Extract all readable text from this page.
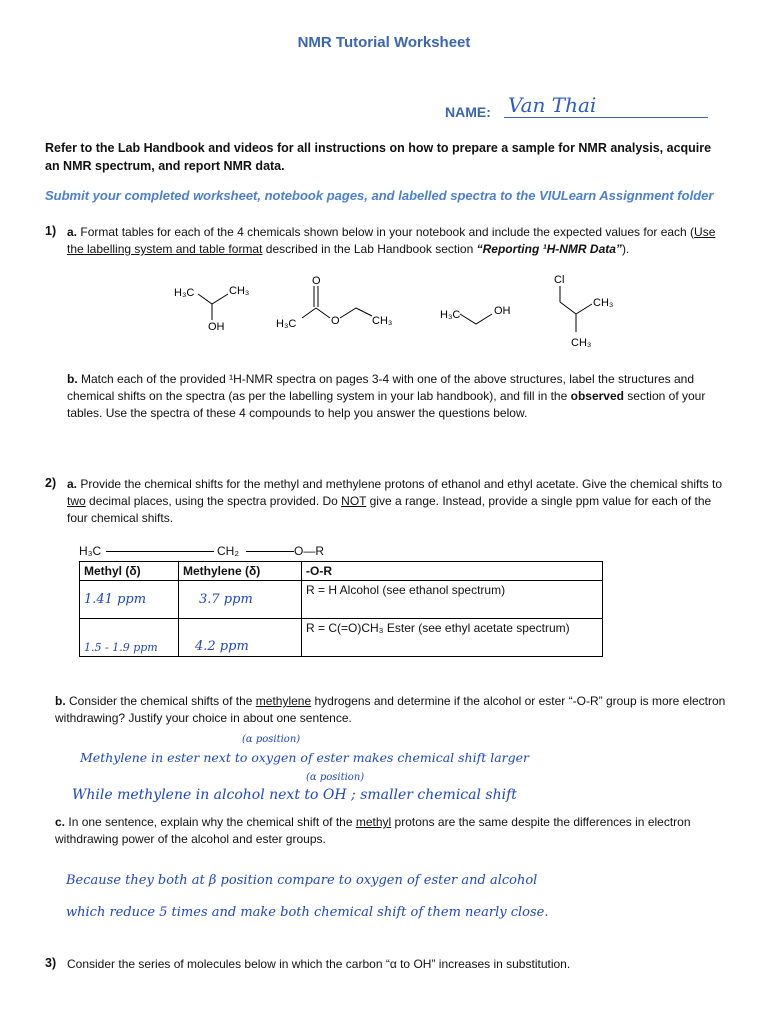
NMR Tutorial Worksheet
NAME: Van Thai
Refer to the Lab Handbook and videos for all instructions on how to prepare a sample for NMR analysis, acquire an NMR spectrum, and report NMR data.
Submit your completed worksheet, notebook pages, and labelled spectra to the VIULearn Assignment folder
1) a. Format tables for each of the 4 chemicals shown below in your notebook and include the expected values for each (Use the labelling system and table format described in the Lab Handbook section “Reporting ¹H-NMR Data”).
H₃C	CH₃
OH
O
H₃C	O	CH₃	H₃C	OH
Cl
CH₃
CH₃
b. Match each of the provided ¹H-NMR spectra on pages 3-4 with one of the above structures, label the structures and chemical shifts on the spectra (as per the labelling system in your lab handbook), and fill in the observed section of your tables. Use the spectra of these 4 compounds to help you answer the questions below.
2) a. Provide the chemical shifts for the methyl and methylene protons of ethanol and ethyl acetate. Give the chemical shifts to two decimal places, using the spectra provided. Do NOT give a range. Instead, provide a single ppm value for each of the four chemical shifts.
H₃C	CH₂	O—R
Methyl (δ)	Methylene (δ)	-O-R
1.41 ppm	3.7 ppm	R = H Alcohol (see ethanol spectrum)
1.5 - 1.9 ppm	4.2 ppm	R = C(=O)CH₃ Ester (see ethyl acetate spectrum)
b. Consider the chemical shifts of the methylene hydrogens and determine if the alcohol or ester “-O-R” group is more electron withdrawing? Justify your choice in about one sentence.
(α position)
Methylene in ester next to oxygen of ester makes chemical shift larger
(α position)
While methylene in alcohol next to OH ; smaller chemical shift
c. In one sentence, explain why the chemical shift of the methyl protons are the same despite the differences in electron withdrawing power of the alcohol and ester groups.
Because they both at β position compare to oxygen of ester and alcohol
which reduce 5 times and make both chemical shift of them nearly close.
3) Consider the series of molecules below in which the carbon “α to OH” increases in substitution.
